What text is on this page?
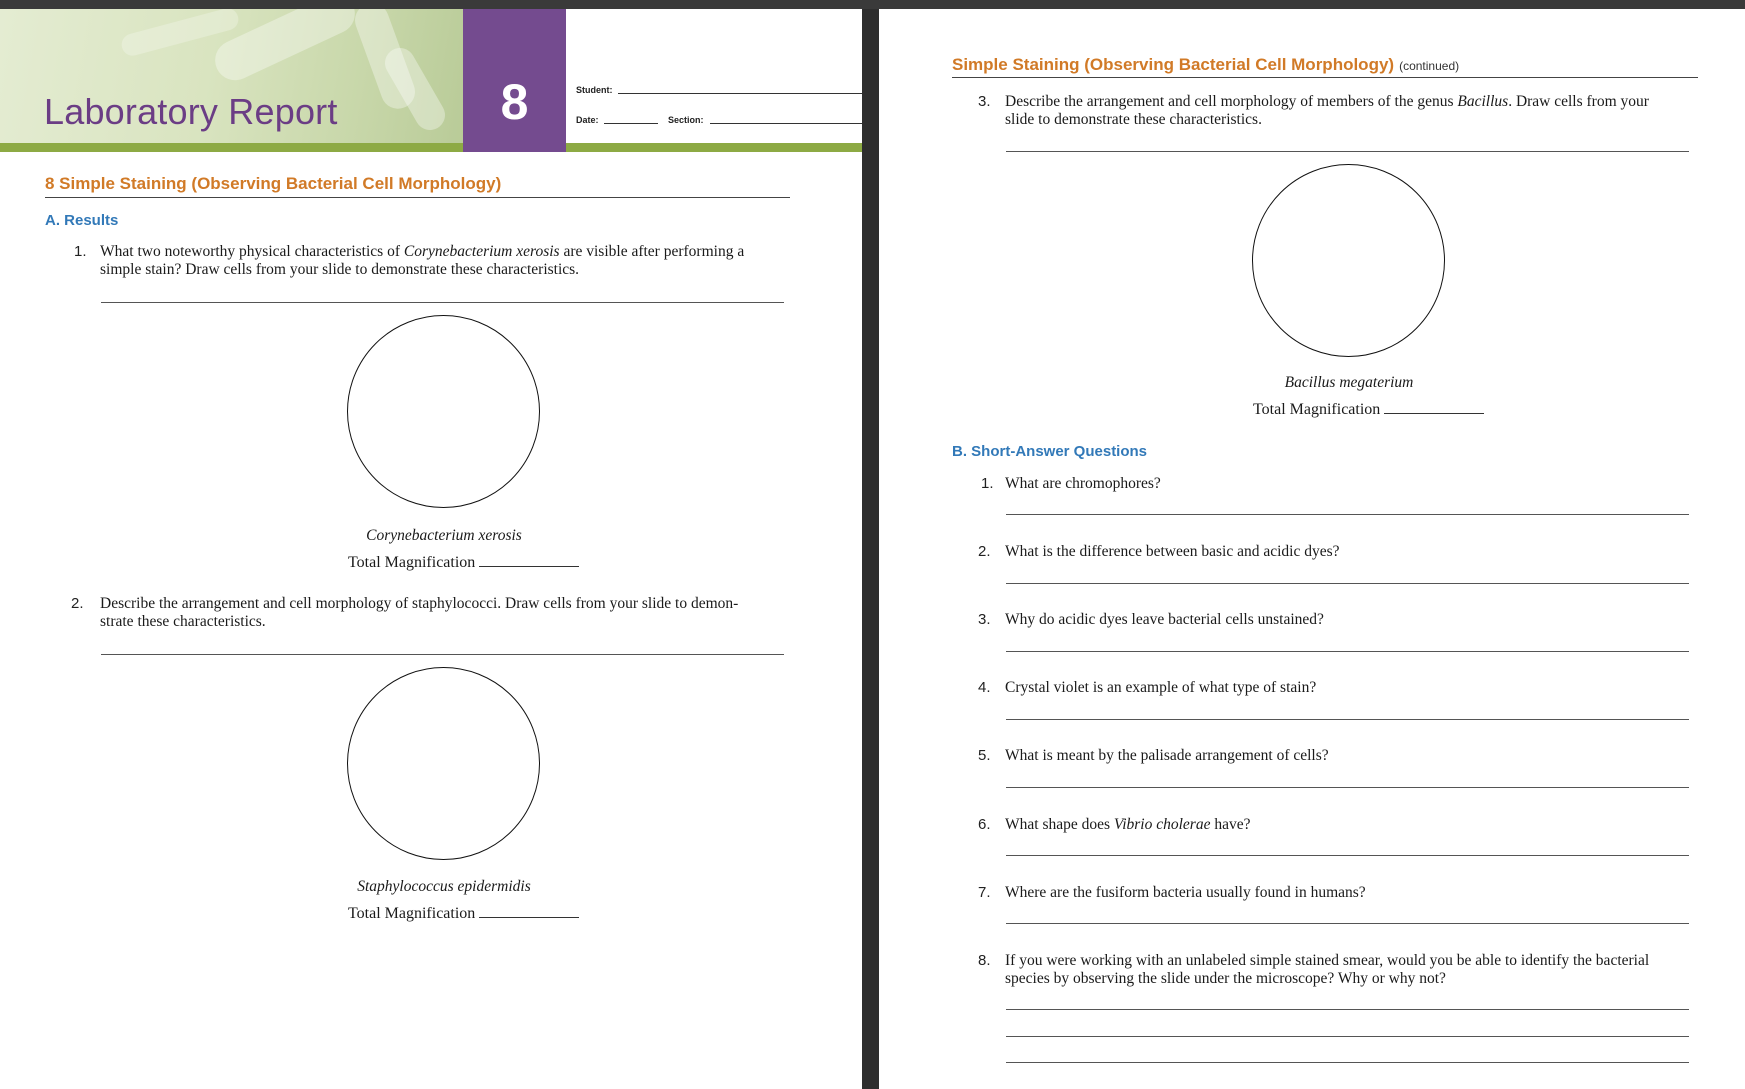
Laboratory Report	8	Student:
Date:	Section:
8 Simple Staining (Observing Bacterial Cell Morphology)
A. Results
1. What two noteworthy physical characteristics of Corynebacterium xerosis are visible after performing a
simple stain? Draw cells from your slide to demonstrate these characteristics.
Corynebacterium xerosis
Total Magnification
2. Describe the arrangement and cell morphology of staphylococci. Draw cells from your slide to demon-
strate these characteristics.
Staphylococcus epidermidis
Total Magnification
Simple Staining (Observing Bacterial Cell Morphology) (continued)
3. Describe the arrangement and cell morphology of members of the genus Bacillus. Draw cells from your
slide to demonstrate these characteristics.
Bacillus megaterium
Total Magnification
B. Short-Answer Questions
1. What are chromophores?
2. What is the difference between basic and acidic dyes?
3. Why do acidic dyes leave bacterial cells unstained?
4. Crystal violet is an example of what type of stain?
5. What is meant by the palisade arrangement of cells?
6. What shape does Vibrio cholerae have?
7. Where are the fusiform bacteria usually found in humans?
8. If you were working with an unlabeled simple stained smear, would you be able to identify the bacterial
species by observing the slide under the microscope? Why or why not?
